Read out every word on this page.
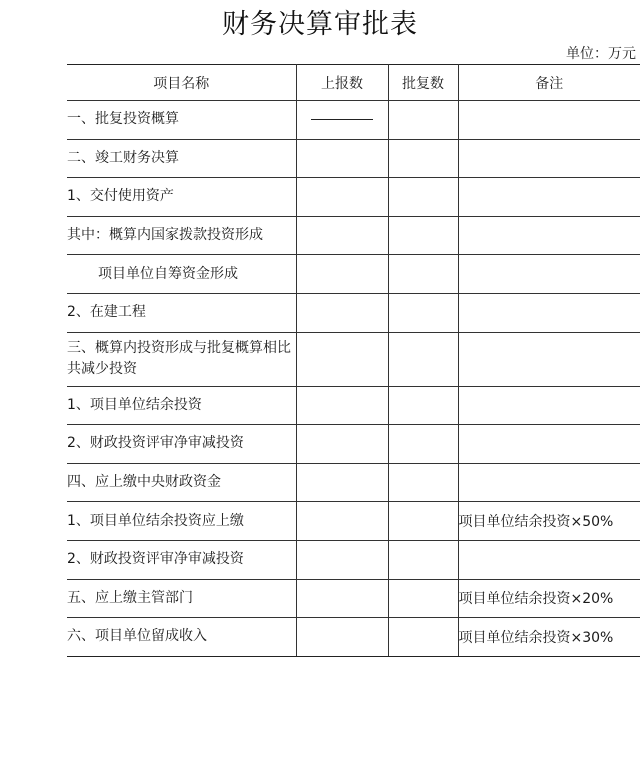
财务决算审批表
单位：万元
项目名称	上报数	批复数	备注
一、批复投资概算			
二、竣工财务决算			
1、交付使用资产			
其中：概算内国家拨款投资形成			
项目单位自筹资金形成			
2、在建工程			
三、概算内投资形成与批复概算相比共减少投资			
1、项目单位结余投资			
2、财政投资评审净审减投资			
四、应上缴中央财政资金			
1、项目单位结余投资应上缴			项目单位结余投资×50%
2、财政投资评审净审减投资			
五、应上缴主管部门			项目单位结余投资×20%
六、项目单位留成收入			项目单位结余投资×30%
